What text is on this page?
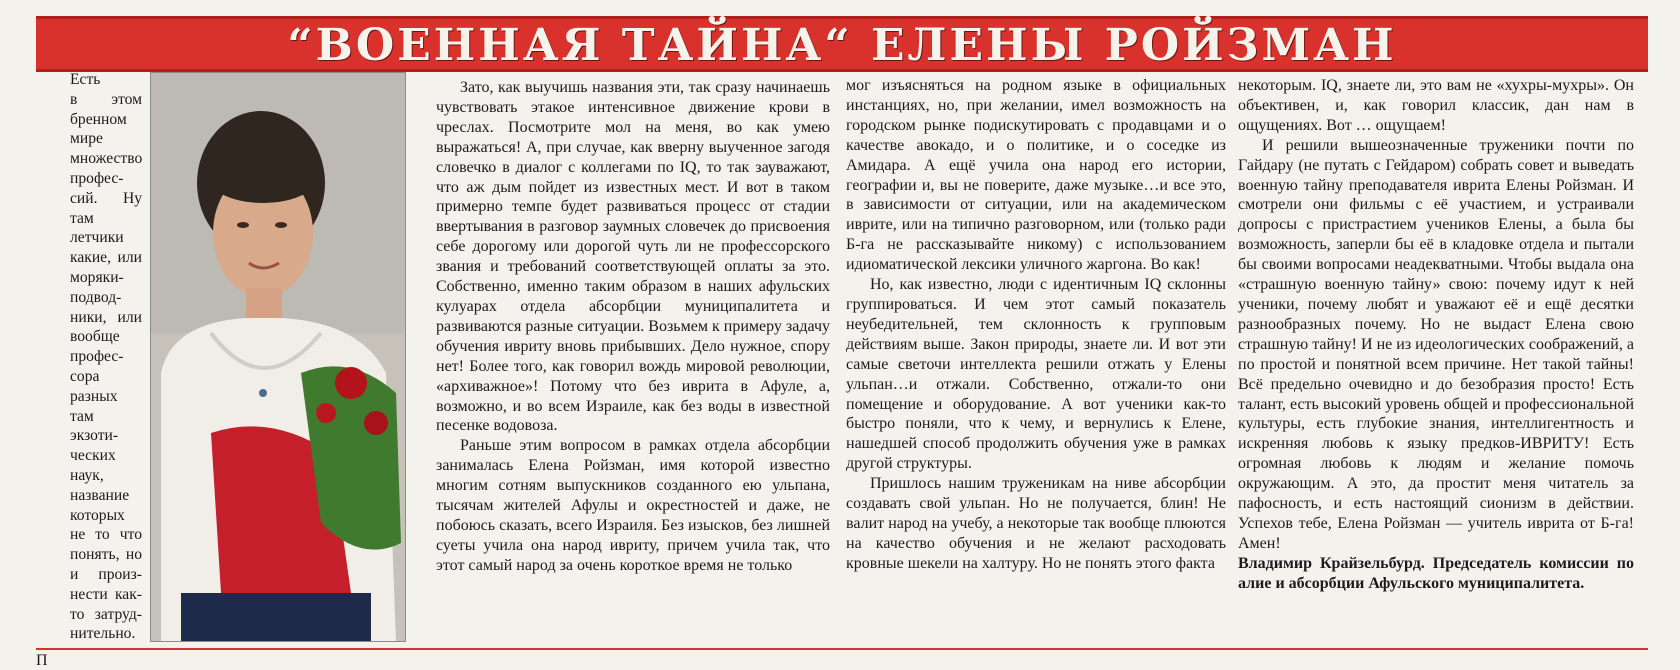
“ВОЕННАЯ ТАЙНА“ ЕЛЕНЫ РОЙЗМАН
Есть
в этом
бренном
мире
множество
профес-
сий. Ну
там
летчики
какие, или
моряки-
подвод-
ники, или
вообще
профес-
сора
разных
там
экзоти-
ческих
наук,
название
которых
не то что
понять, но
и произ-
нести как-
то затруд-
нительно.

Зато, как выучишь названия эти, так сразу начинаешь чувствовать этакое интенсивное движение крови в чреслах. Посмотрите мол на меня, во как умею выражаться! А, при случае, как вверну выученное загодя словечко в диалог с коллегами по IQ, то так зауважают, что аж дым пойдет из известных мест. И вот в таком примерно темпе будет развиваться процесс от стадии ввертывания в разговор заумных словечек до присвоения себе дорогому или дорогой чуть ли не профессорского звания и требований соответствующей оплаты за это. Собственно, именно таким образом в наших афульских кулуарах отдела абсорбции муниципалитета и развиваются разные ситуации. Возьмем к примеру задачу обучения ивриту вновь прибывших. Дело нужное, спору нет! Более того, как говорил вождь мировой революции, «архиважное»! Потому что без иврита в Афуле, а, возможно, и во всем Израиле, как без воды в известной песенке водовоза.

Раньше этим вопросом в рамках отдела абсорбции занималась Елена Ройзман, имя которой известно многим сотням выпускников созданного ею ульпана, тысячам жителей Афулы и окрестностей и даже, не побоюсь сказать, всего Израиля. Без изысков, без лишней суеты учила она народ ивриту, причем учила так, что этот самый народ за очень короткое время не только

мог изъясняться на родном языке в официальных инстанциях, но, при желании, имел возможность на городском рынке подискутировать с продавцами и о качестве авокадо, и о политике, и о соседке из Амидара. А ещё учила она народ его истории, географии и, вы не поверите, даже музыке…и все это, в зависимости от ситуации, или на академическом иврите, или на типично разговорном, или (только ради Б-га не рассказывайте никому) с использованием идиоматической лексики уличного жаргона. Во как!

Но, как известно, люди с идентичным IQ склонны группироваться. И чем этот самый показатель неубедительней, тем склонность к групповым действиям выше. Закон природы, знаете ли. И вот эти самые светочи интеллекта решили отжать у Елены ульпан…и отжали. Собственно, отжали-то они помещение и оборудование. А вот ученики как-то быстро поняли, что к чему, и вернулись к Елене, нашедшей способ продолжить обучения уже в рамках другой структуры.

Пришлось нашим труженикам на ниве абсорбции создавать свой ульпан. Но не получается, блин! Не валит народ на учебу, а некоторые так вообще плюются на качество обучения и не желают расходовать кровные шекели на халтуру. Но не понять этого факта

некоторым. IQ, знаете ли, это вам не «хухры-мухры». Он объективен, и, как говорил классик, дан нам в ощущениях. Вот … ощущаем!

И решили вышеозначенные труженики почти по Гайдару (не путать с Гейдаром) собрать совет и выведать военную тайну преподавателя иврита Елены Ройзман. И смотрели они фильмы с её участием, и устраивали допросы с пристрастием учеников Елены, а была бы возможность, заперли бы её в кладовке отдела и пытали бы своими вопросами неадекватными. Чтобы выдала она «страшную военную тайну» свою: почему идут к ней ученики, почему любят и уважают её и ещё десятки разнообразных почему. Но не выдаст Елена свою страшную тайну! И не из идеологических соображений, а по простой и понятной всем причине. Нет такой тайны! Всё предельно очевидно и до безобразия просто! Есть талант, есть высокий уровень общей и профессиональной культуры, есть глубокие знания, интеллигентность и искренняя любовь к языку предков-ИВРИТУ! Есть огромная любовь к людям и желание помочь окружающим. А это, да простит меня читатель за пафосность, и есть настоящий сионизм в действии. Успехов тебе, Елена Ройзман — учитель иврита от Б-га! Амен!

Владимир Крайзельбурд. Председатель комиссии по алие и абсорбции Афульского муниципалитета.

П
